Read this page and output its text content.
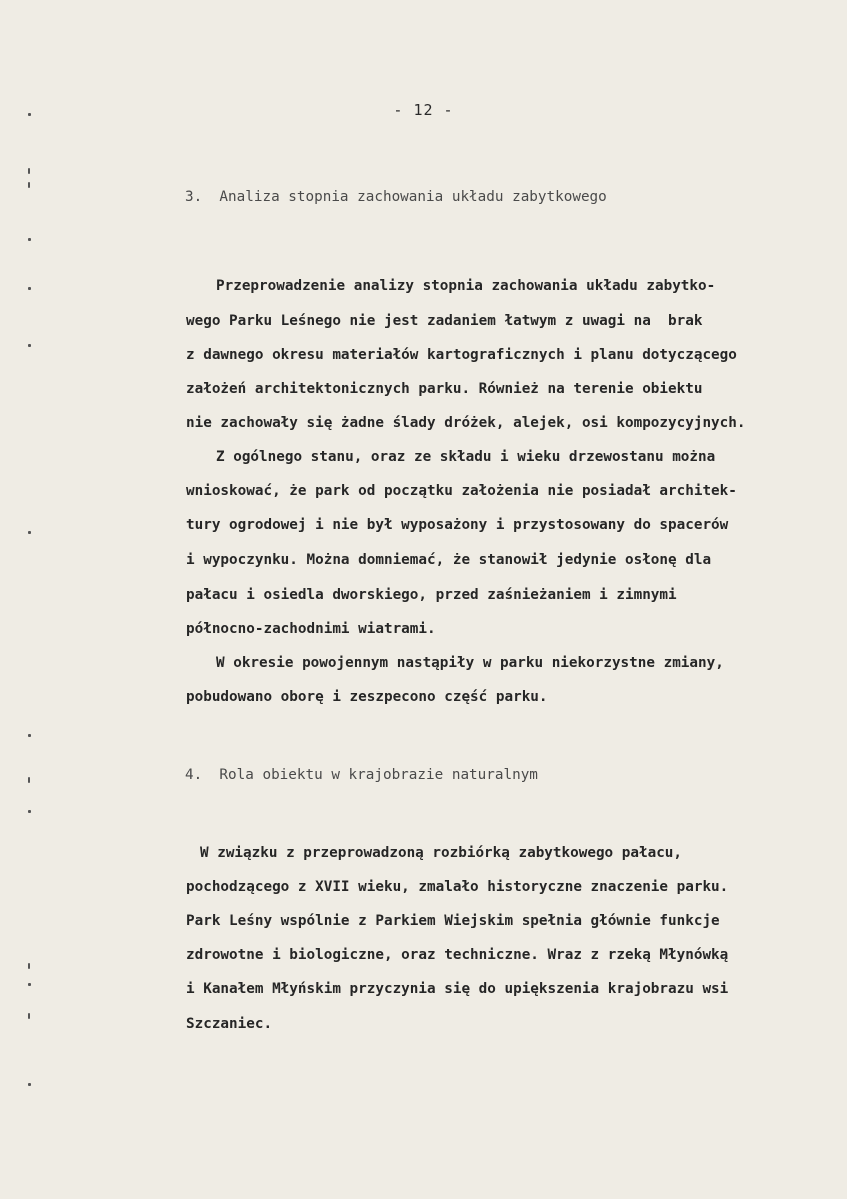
- 12 -
3.  Analiza stopnia zachowania układu zabytkowego
Przeprowadzenie analizy stopnia zachowania układu zabytko-
wego Parku Leśnego nie jest zadaniem łatwym z uwagi na  brak
z dawnego okresu materiałów kartograficznych i planu dotyczącego
założeń architektonicznych parku. Również na terenie obiektu
nie zachowały się żadne ślady dróżek, alejek, osi kompozycyjnych.
Z ogólnego stanu, oraz ze składu i wieku drzewostanu można
wnioskować, że park od początku założenia nie posiadał architek-
tury ogrodowej i nie był wyposażony i przystosowany do spacerów
i wypoczynku. Można domniemać, że stanowił jedynie osłonę dla
pałacu i osiedla dworskiego, przed zaśnieżaniem i zimnymi
północno-zachodnimi wiatrami.
W okresie powojennym nastąpiły w parku niekorzystne zmiany,
pobudowano oborę i zeszpecono część parku.
4.  Rola obiektu w krajobrazie naturalnym
W związku z przeprowadzoną rozbiórką zabytkowego pałacu,
pochodzącego z XVII wieku, zmalało historyczne znaczenie parku.
Park Leśny wspólnie z Parkiem Wiejskim spełnia głównie funkcje
zdrowotne i biologiczne, oraz techniczne. Wraz z rzeką Młynówką
i Kanałem Młyńskim przyczynia się do upiększenia krajobrazu wsi
Szczaniec.
